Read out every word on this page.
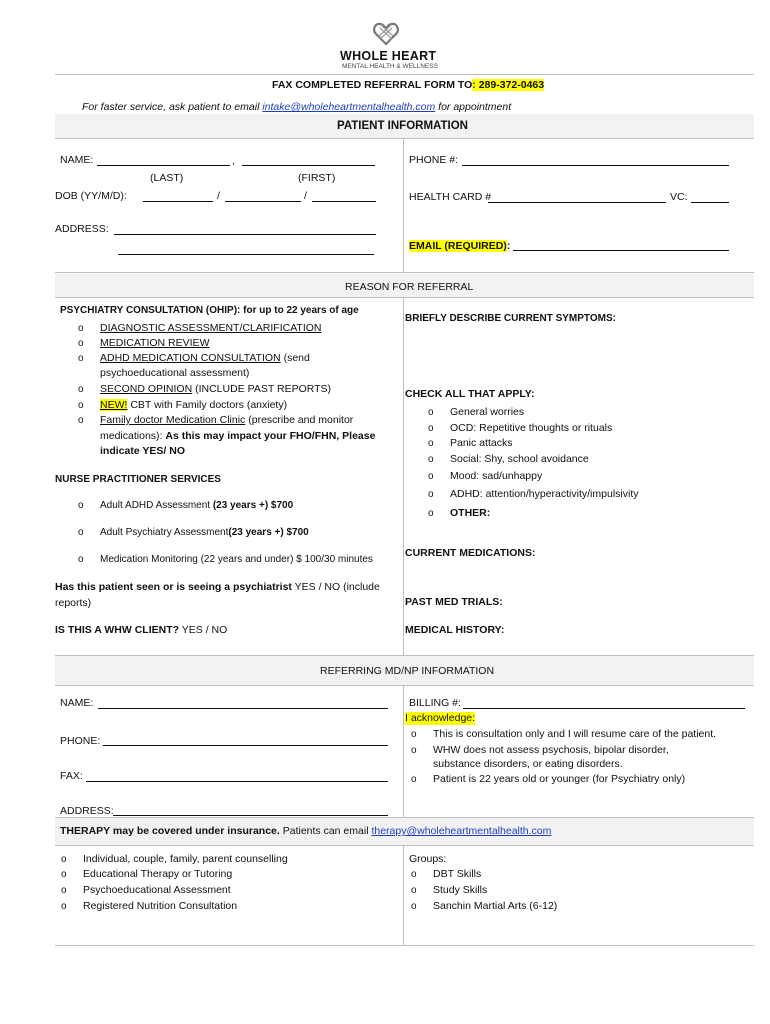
WHOLE HEART
MENTAL HEALTH & WELLNESS
FAX COMPLETED REFERRAL FORM TO: 289-372-0463
For faster service, ask patient to email intake@wholeheartmentalhealth.com for appointment
PATIENT INFORMATION
NAME:	,
(LAST)	(FIRST)
DOB (YY/M/D):	/	/
ADDRESS:
PHONE #:
HEALTH CARD #	VC:
EMAIL (REQUIRED):
REASON FOR REFERRAL
PSYCHIATRY CONSULTATION (OHIP): for up to 22 years of age
o DIAGNOSTIC ASSESSMENT/CLARIFICATION
o MEDICATION REVIEW
o ADHD MEDICATION CONSULTATION (send
psychoeducational assessment)
o SECOND OPINION (INCLUDE PAST REPORTS)
o NEW! CBT with Family doctors (anxiety)
o Family doctor Medication Clinic (prescribe and monitor
medications): As this may impact your FHO/FHN, Please
indicate YES/ NO
NURSE PRACTITIONER SERVICES
o Adult ADHD Assessment (23 years +) $700
o Adult Psychiatry Assessment(23 years +) $700
o Medication Monitoring (22 years and under) $ 100/30 minutes
Has this patient seen or is seeing a psychiatrist YES / NO (include
reports)
IS THIS A WHW CLIENT? YES / NO
BRIEFLY DESCRIBE CURRENT SYMPTOMS:
CHECK ALL THAT APPLY:
o General worries
o OCD: Repetitive thoughts or rituals
o Panic attacks
o Social: Shy, school avoidance
o Mood: sad/unhappy
o ADHD: attention/hyperactivity/impulsivity
o OTHER:
CURRENT MEDICATIONS:
PAST MED TRIALS:
MEDICAL HISTORY:
REFERRING MD/NP INFORMATION
NAME:
PHONE:
FAX:
ADDRESS:
BILLING #:
I acknowledge:
o This is consultation only and I will resume care of the patient.
o WHW does not assess psychosis, bipolar disorder,
substance disorders, or eating disorders.
o Patient is 22 years old or younger (for Psychiatry only)
THERAPY may be covered under insurance. Patients can email therapy@wholeheartmentalhealth.com
o Individual, couple, family, parent counselling
o Educational Therapy or Tutoring
o Psychoeducational Assessment
o Registered Nutrition Consultation
Groups:
o DBT Skills
o Study Skills
o Sanchin Martial Arts (6-12)
